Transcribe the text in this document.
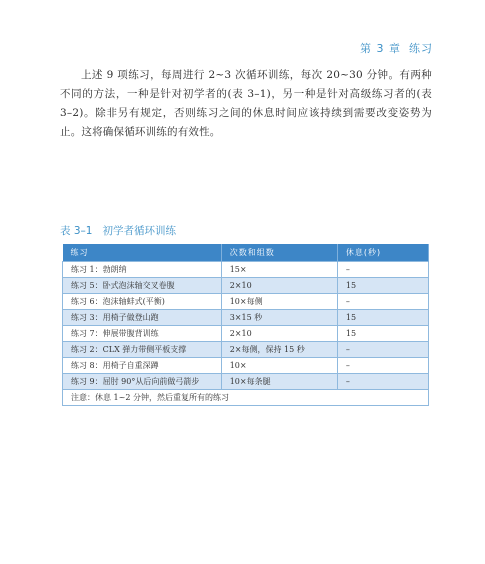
第 3 章 练习

上述 9 项练习，每周进行 2~3 次循环训练，每次 20~30 分钟。有两种不同的方法，一种是针对初学者的(表 3–1)，另一种是针对高级练习者的(表 3–2)。除非另有规定，否则练习之间的休息时间应该持续到需要改变姿势为止。这将确保循环训练的有效性。

表 3–1 初学者循环训练
练习	次数和组数	休息(秒)
练习 1：勃朗纳	15×	–
练习 5：卧式泡沫轴交叉卷腹	2×10	15
练习 6：泡沫轴蚌式(平衡)	10×每侧	–
练习 3：用椅子做登山跑	3×15 秒	15
练习 7：伸展带腹背训练	2×10	15
练习 2：CLX 弹力带侧平板支撑	2×每侧，保持 15 秒	–
练习 8：用椅子自重深蹲	10×	–
练习 9：屈肘 90°从后向前做弓箭步	10×每条腿	–
注意：休息 1~2 分钟，然后重复所有的练习		
